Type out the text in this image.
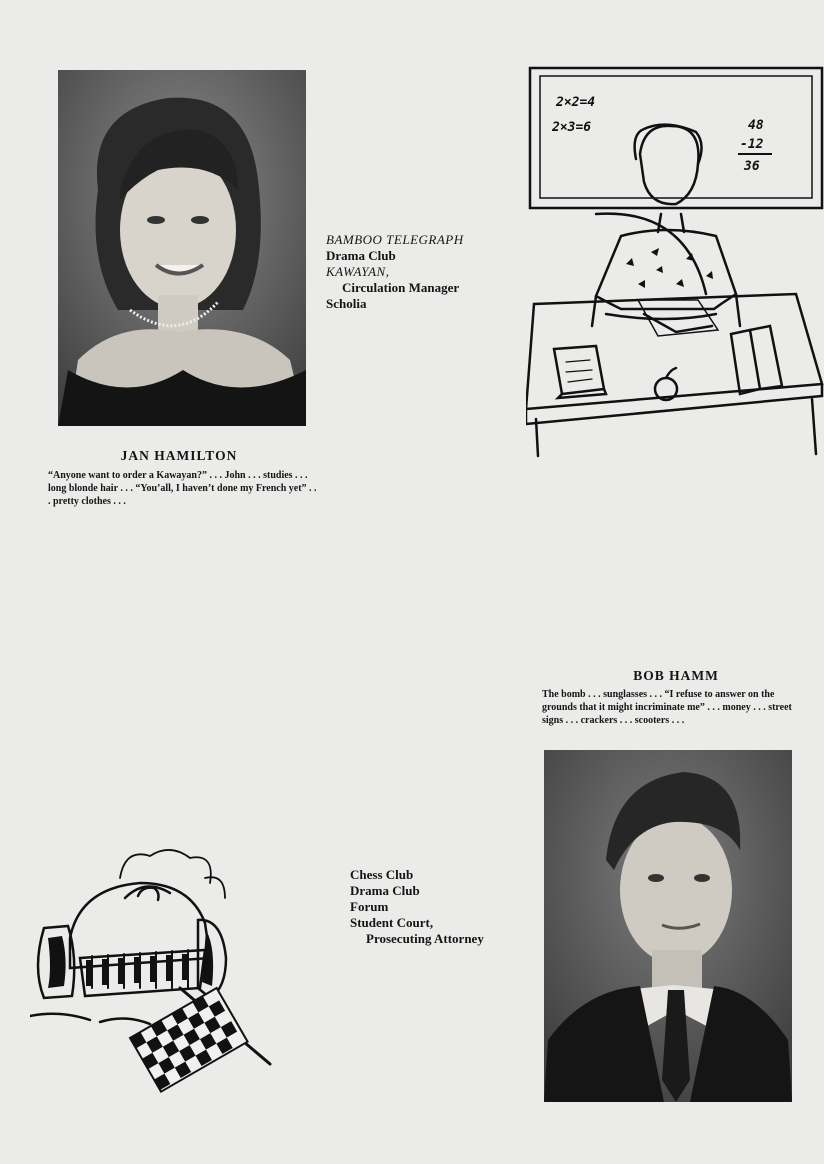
JAN HAMILTON
“Anyone want to order a Kawayan?” . . . John . . . studies . . . long blonde hair . . . “You’all, I haven’t done my French yet” . . . pretty clothes . . .
BAMBOO TELEGRAPH
Drama Club
KAWAYAN,
Circulation Manager
Scholia
2×2=4
2×3=6	48
-12
36
BOB HAMM
The bomb . . . sunglasses . . . “I refuse to answer on the grounds that it might incriminate me” . . . money . . . street signs . . . crackers . . . scooters . . .
Chess Club
Drama Club
Forum
Student Court,
Prosecuting Attorney
